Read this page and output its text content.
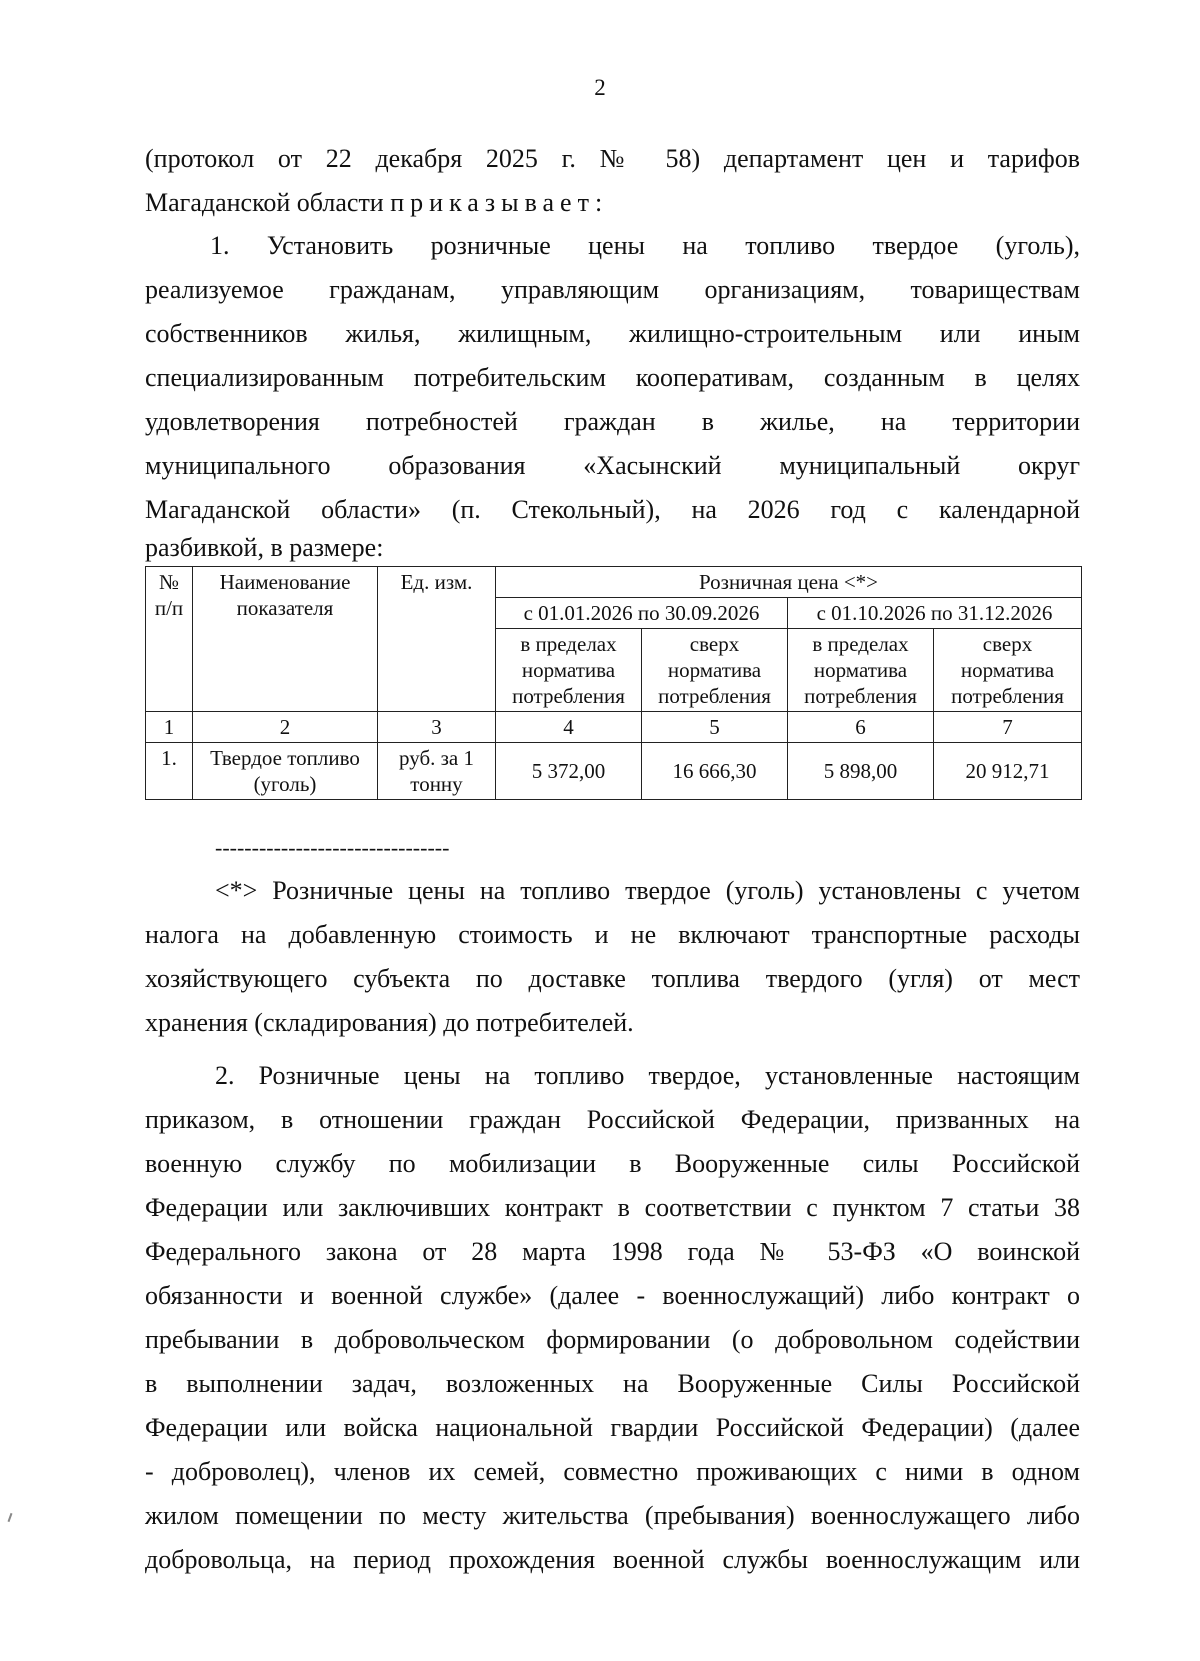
2

(протокол от 22 декабря 2025 г. № 58) департамент цен и тарифов

Магаданской области приказывает:

1. Установить розничные цены на топливо твердое (уголь),

реализуемое гражданам, управляющим организациям, товариществам

собственников жилья, жилищным, жилищно-строительным или иным

специализированным потребительским кооперативам, созданным в целях

удовлетворения потребностей граждан в жилье, на территории

муниципального образования «Хасынский муниципальный округ

Магаданской области» (п. Стекольный), на 2026 год с календарной

разбивкой, в размере:

№ п/п	Наименование показателя	Ед. изм.	Розничная цена <*>			
			с 01.01.2026 по 30.09.2026		с 01.10.2026 по 31.12.2026	
			в пределах норматива потребления	сверх норматива потребления	в пределах норматива потребления	сверх норматива потребления
1	2	3	4	5	6	7
1.	Твердое топливо (уголь)	руб. за 1 тонну	5 372,00	16 666,30	5 898,00	20 912,71
--------------------------------

<*> Розничные цены на топливо твердое (уголь) установлены с учетом

налога на добавленную стоимость и не включают транспортные расходы

хозяйствующего субъекта по доставке топлива твердого (угля) от мест

хранения (складирования) до потребителей.

2. Розничные цены на топливо твердое, установленные настоящим

приказом, в отношении граждан Российской Федерации, призванных на

военную службу по мобилизации в Вооруженные силы Российской

Федерации или заключивших контракт в соответствии с пунктом 7 статьи 38

Федерального закона от 28 марта 1998 года № 53-ФЗ «О воинской

обязанности и военной службе» (далее - военнослужащий) либо контракт о

пребывании в добровольческом формировании (о добровольном содействии

в выполнении задач, возложенных на Вооруженные Силы Российской

Федерации или войска национальной гвардии Российской Федерации) (далее

- доброволец), членов их семей, совместно проживающих с ними в одном

жилом помещении по месту жительства (пребывания) военнослужащего либо

добровольца, на период прохождения военной службы военнослужащим или
